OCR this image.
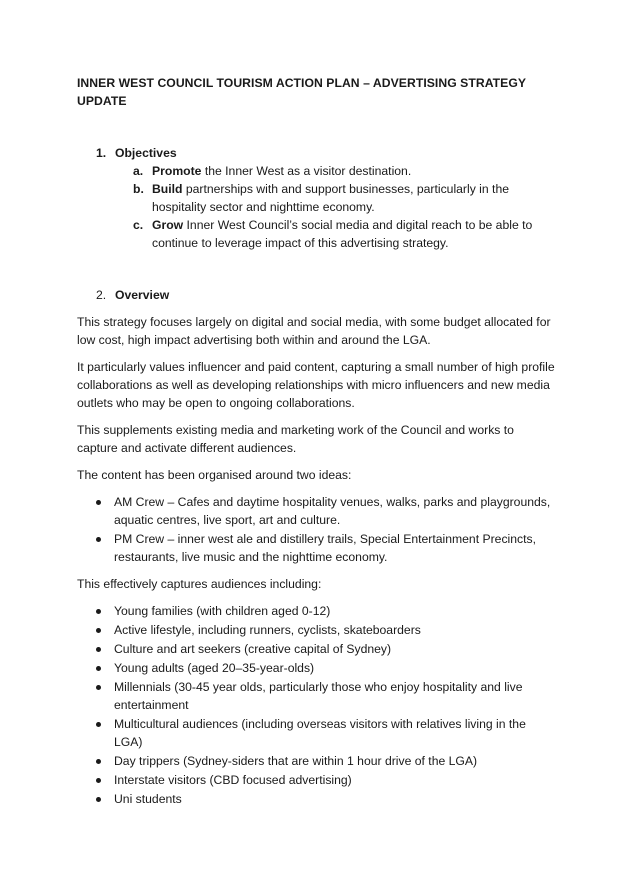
INNER WEST COUNCIL TOURISM ACTION PLAN – ADVERTISING STRATEGY UPDATE
1. Objectives
a. Promote the Inner West as a visitor destination.
b. Build partnerships with and support businesses, particularly in the hospitality sector and nighttime economy.
c. Grow Inner West Council’s social media and digital reach to be able to continue to leverage impact of this advertising strategy.
2. Overview

This strategy focuses largely on digital and social media, with some budget allocated for low cost, high impact advertising both within and around the LGA.

It particularly values influencer and paid content, capturing a small number of high profile collaborations as well as developing relationships with micro influencers and new media outlets who may be open to ongoing collaborations.

This supplements existing media and marketing work of the Council and works to capture and activate different audiences.

The content has been organised around two ideas:

AM Crew – Cafes and daytime hospitality venues, walks, parks and playgrounds, aquatic centres, live sport, art and culture.
PM Crew – inner west ale and distillery trails, Special Entertainment Precincts, restaurants, live music and the nighttime economy.

This effectively captures audiences including:

Young families (with children aged 0-12)
Active lifestyle, including runners, cyclists, skateboarders
Culture and art seekers (creative capital of Sydney)
Young adults (aged 20–35-year-olds)
Millennials (30-45 year olds, particularly those who enjoy hospitality and live entertainment
Multicultural audiences (including overseas visitors with relatives living in the LGA)
Day trippers (Sydney-siders that are within 1 hour drive of the LGA)
Interstate visitors (CBD focused advertising)
Uni students
